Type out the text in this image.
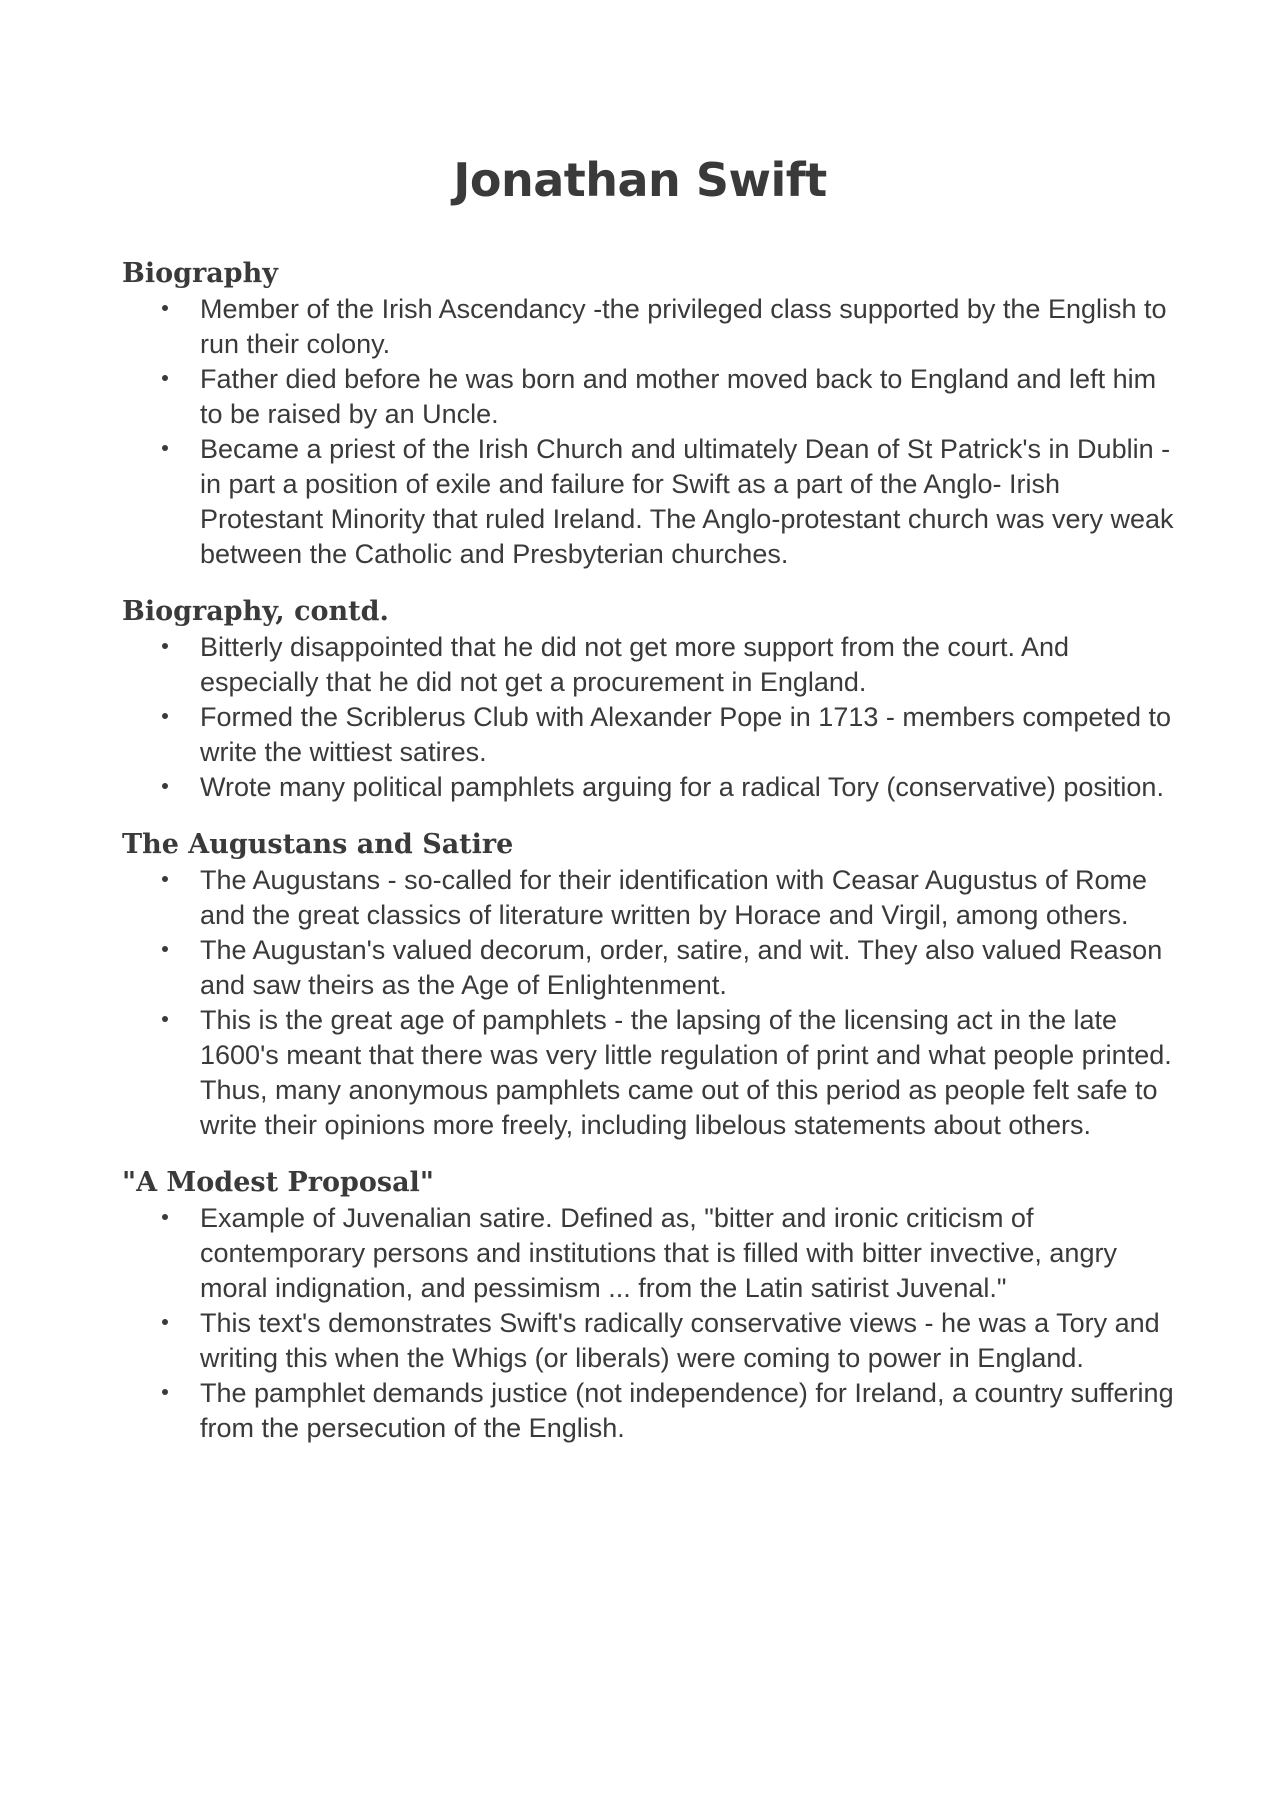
Jonathan Swift
Biography
Member of the Irish Ascendancy -the privileged class supported by the English to run their colony.
Father died before he was born and mother moved back to England and left him to be raised by an Uncle.
Became a priest of the Irish Church and ultimately Dean of St Patrick's in Dublin - in part a position of exile and failure for Swift as a part of the Anglo- Irish Protestant Minority that ruled Ireland. The Anglo-protestant church was very weak between the Catholic and Presbyterian churches.
Biography, contd.
Bitterly disappointed that he did not get more support from the court. And especially that he did not get a procurement in England.
Formed the Scriblerus Club with Alexander Pope in 1713 - members competed to write the wittiest satires.
Wrote many political pamphlets arguing for a radical Tory (conservative) position.
The Augustans and Satire
The Augustans - so-called for their identification with Ceasar Augustus of Rome and the great classics of literature written by Horace and Virgil, among others.
The Augustan's valued decorum, order, satire, and wit. They also valued Reason and saw theirs as the Age of Enlightenment.
This is the great age of pamphlets - the lapsing of the licensing act in the late 1600's meant that there was very little regulation of print and what people printed. Thus, many anonymous pamphlets came out of this period as people felt safe to write their opinions more freely, including libelous statements about others.
"A Modest Proposal"
Example of Juvenalian satire. Defined as, "bitter and ironic criticism of contemporary persons and institutions that is filled with bitter invective, angry moral indignation, and pessimism ... from the Latin satirist Juvenal."
This text's demonstrates Swift's radically conservative views - he was a Tory and writing this when the Whigs (or liberals) were coming to power in England.
The pamphlet demands justice (not independence) for Ireland, a country suffering from the persecution of the English.
